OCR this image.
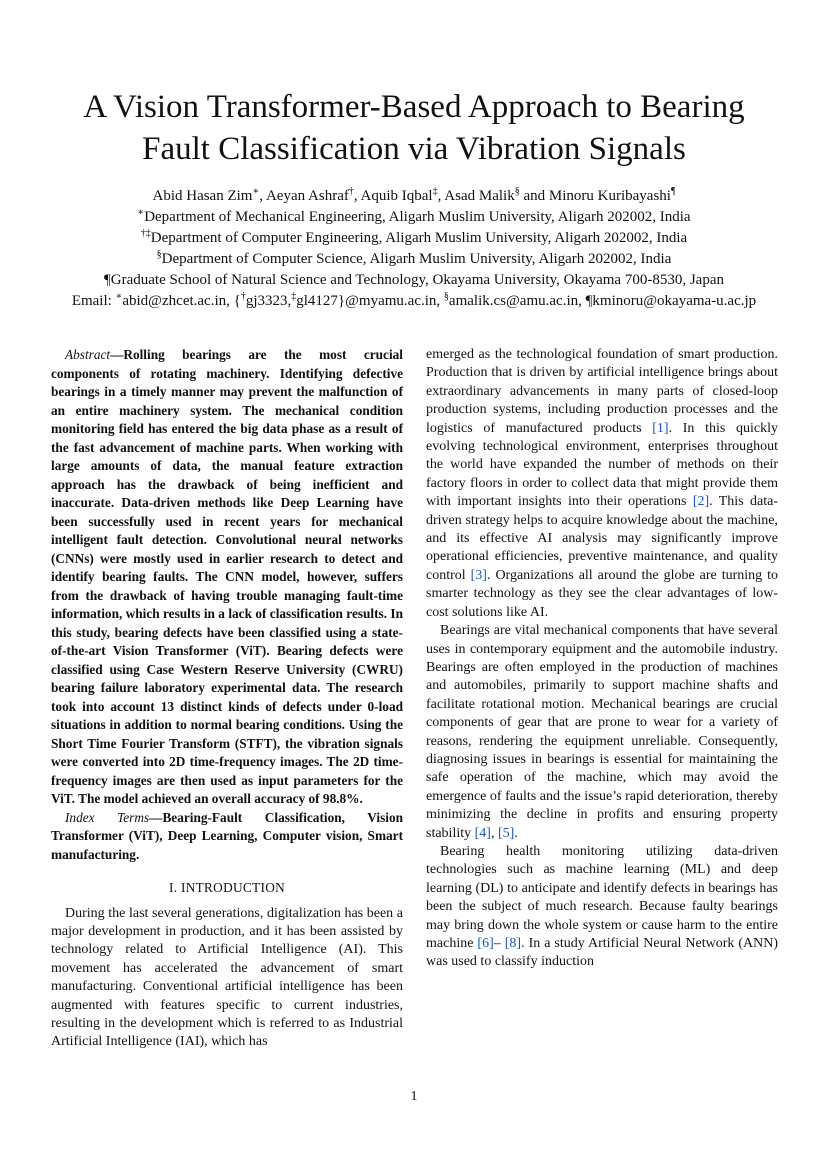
A Vision Transformer-Based Approach to Bearing
Fault Classification via Vibration Signals
Abid Hasan Zim∗, Aeyan Ashraf†, Aquib Iqbal‡, Asad Malik§ and Minoru Kuribayashi¶
∗Department of Mechanical Engineering, Aligarh Muslim University, Aligarh 202002, India
†‡Department of Computer Engineering, Aligarh Muslim University, Aligarh 202002, India
§Department of Computer Science, Aligarh Muslim University, Aligarh 202002, India
¶Graduate School of Natural Science and Technology, Okayama University, Okayama 700-8530, Japan
Email: ∗abid@zhcet.ac.in, {†gj3323,‡gl4127}@myamu.ac.in, §amalik.cs@amu.ac.in, ¶kminoru@okayama-u.ac.jp

Abstract—Rolling bearings are the most crucial components of rotating machinery. Identifying defective bearings in a timely manner may prevent the malfunction of an entire machinery system. The mechanical condition monitoring field has entered the big data phase as a result of the fast advancement of machine parts. When working with large amounts of data, the manual feature extraction approach has the drawback of being inefficient and inaccurate. Data-driven methods like Deep Learning have been successfully used in recent years for mechanical intelligent fault detection. Convolutional neural networks (CNNs) were mostly used in earlier research to detect and identify bearing faults. The CNN model, however, suffers from the drawback of having trouble managing fault-time information, which results in a lack of classification results. In this study, bearing defects have been classified using a state-of-the-art Vision Transformer (ViT). Bearing defects were classified using Case Western Reserve University (CWRU) bearing failure laboratory experimental data. The research took into account 13 distinct kinds of defects under 0-load situations in addition to normal bearing conditions. Using the Short Time Fourier Transform (STFT), the vibration signals were converted into 2D time-frequency images. The 2D time-frequency images are then used as input parameters for the ViT. The model achieved an overall accuracy of 98.8%.

Index Terms—Bearing-Fault Classification, Vision Transformer (ViT), Deep Learning, Computer vision, Smart manufacturing.

I. INTRODUCTION

During the last several generations, digitalization has been a major development in production, and it has been assisted by technology related to Artificial Intelligence (AI). This movement has accelerated the advancement of smart manufacturing. Conventional artificial intelligence has been augmented with features specific to current industries, resulting in the development which is referred to as Industrial Artificial Intelligence (IAI), which has

emerged as the technological foundation of smart production. Production that is driven by artificial intelligence brings about extraordinary advancements in many parts of closed-loop production systems, including production processes and the logistics of manufactured products [1]. In this quickly evolving technological environment, enterprises throughout the world have expanded the number of methods on their factory floors in order to collect data that might provide them with important insights into their operations [2]. This data-driven strategy helps to acquire knowledge about the machine, and its effective AI analysis may significantly improve operational efficiencies, preventive maintenance, and quality control [3]. Organizations all around the globe are turning to smarter technology as they see the clear advantages of low-cost solutions like AI.

Bearings are vital mechanical components that have several uses in contemporary equipment and the automobile industry. Bearings are often employed in the production of machines and automobiles, primarily to support machine shafts and facilitate rotational motion. Mechanical bearings are crucial components of gear that are prone to wear for a variety of reasons, rendering the equipment unreliable. Consequently, diagnosing issues in bearings is essential for maintaining the safe operation of the machine, which may avoid the emergence of faults and the issue’s rapid deterioration, thereby minimizing the decline in profits and ensuring property stability [4], [5].

Bearing health monitoring utilizing data-driven technologies such as machine learning (ML) and deep learning (DL) to anticipate and identify defects in bearings has been the subject of much research. Because faulty bearings may bring down the whole system or cause harm to the entire machine [6]– [8]. In a study Artificial Neural Network (ANN) was used to classify induction

1
